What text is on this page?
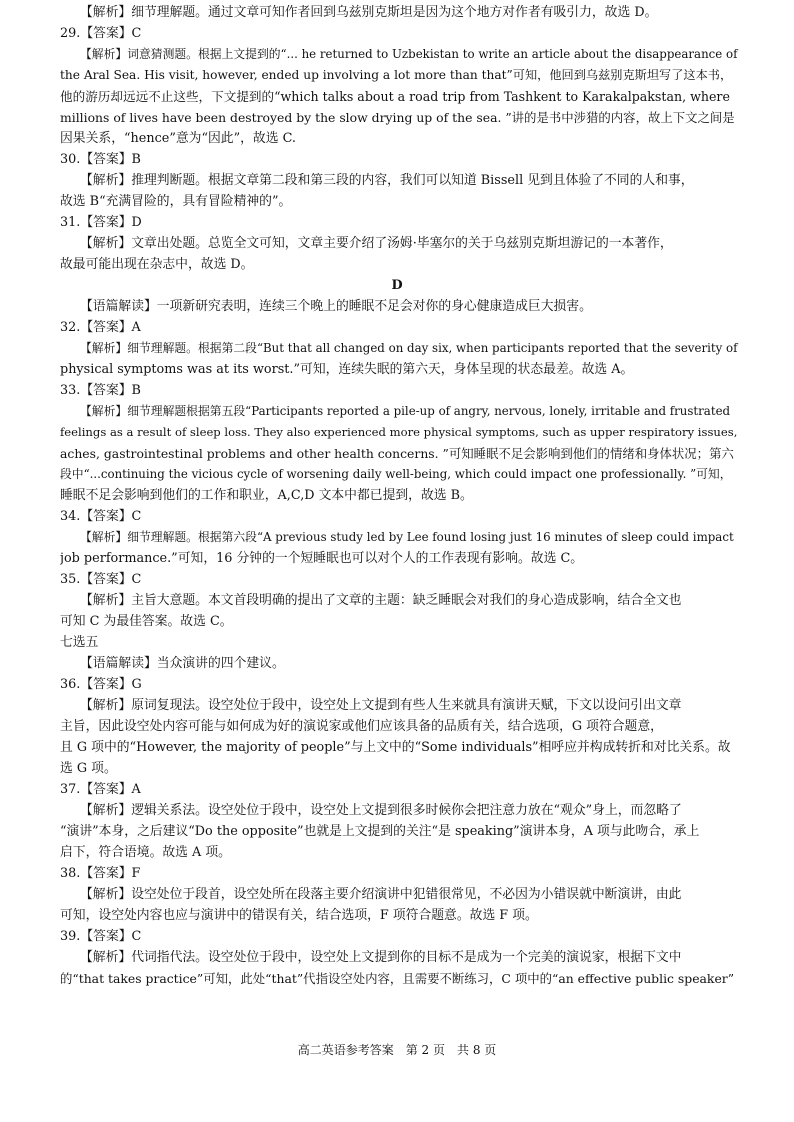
【解析】细节理解题。通过文章可知作者回到乌兹别克斯坦是因为这个地方对作者有吸引力，故选 D。
29.【答案】C
【解析】词意猜测题。根据上文提到的“... he returned to Uzbekistan to write an article about the disappearance of
the Aral Sea. His visit, however, ended up involving a lot more than that”可知，他回到乌兹别克斯坦写了这本书，
他的游历却远远不止这些，下文提到的“which talks about a road trip from Tashkent to Karakalpakstan, where
millions of lives have been destroyed by the slow drying up of the sea. ”讲的是书中涉猎的内容，故上下文之间是
因果关系，“hence”意为“因此”，故选 C.
30.【答案】B
【解析】推理判断题。根据文章第二段和第三段的内容，我们可以知道 Bissell 见到且体验了不同的人和事，
故选 B“充满冒险的，具有冒险精神的”。
31.【答案】D
【解析】文章出处题。总览全文可知，文章主要介绍了汤姆·毕塞尔的关于乌兹别克斯坦游记的一本著作，
故最可能出现在杂志中，故选 D。
D
【语篇解读】一项新研究表明，连续三个晚上的睡眠不足会对你的身心健康造成巨大损害。
32.【答案】A
【解析】细节理解题。根据第二段“But that all changed on day six, when participants reported that the severity of
physical symptoms was at its worst.”可知，连续失眠的第六天，身体呈现的状态最差。故选 A。
33.【答案】B
【解析】细节理解题根据第五段“Participants reported a pile-up of angry, nervous, lonely, irritable and frustrated
feelings as a result of sleep loss. They also experienced more physical symptoms, such as upper respiratory issues,
aches, gastrointestinal problems and other health concerns. ”可知睡眠不足会影响到他们的情绪和身体状况；第六
段中“...continuing the vicious cycle of worsening daily well-being, which could impact one professionally. ”可知，
睡眠不足会影响到他们的工作和职业，A,C,D 文本中都已提到，故选 B。
34.【答案】C
【解析】细节理解题。根据第六段“A previous study led by Lee found losing just 16 minutes of sleep could impact
job performance.”可知，16 分钟的一个短睡眠也可以对个人的工作表现有影响。故选 C。
35.【答案】C
【解析】主旨大意题。本文首段明确的提出了文章的主题：缺乏睡眠会对我们的身心造成影响，结合全文也
可知 C 为最佳答案。故选 C。
七选五
【语篇解读】当众演讲的四个建议。
36.【答案】G
【解析】原词复现法。设空处位于段中，设空处上文提到有些人生来就具有演讲天赋，下文以设问引出文章
主旨，因此设空处内容可能与如何成为好的演说家或他们应该具备的品质有关，结合选项，G 项符合题意，
且 G 项中的“However, the majority of people”与上文中的“Some individuals”相呼应并构成转折和对比关系。故
选 G 项。
37.【答案】A
【解析】逻辑关系法。设空处位于段中，设空处上文提到很多时候你会把注意力放在“观众”身上，而忽略了
“演讲”本身，之后建议“Do the opposite”也就是上文提到的关注“是 speaking”演讲本身，A 项与此吻合，承上
启下，符合语境。故选 A 项。
38.【答案】F
【解析】设空处位于段首，设空处所在段落主要介绍演讲中犯错很常见，不必因为小错误就中断演讲，由此
可知，设空处内容也应与演讲中的错误有关，结合选项，F 项符合题意。故选 F 项。
39.【答案】C
【解析】代词指代法。设空处位于段中，设空处上文提到你的目标不是成为一个完美的演说家，根据下文中
的“that takes practice”可知，此处“that”代指设空处内容，且需要不断练习，C 项中的“an effective public speaker”
高二英语参考答案　第 2 页　共 8 页
